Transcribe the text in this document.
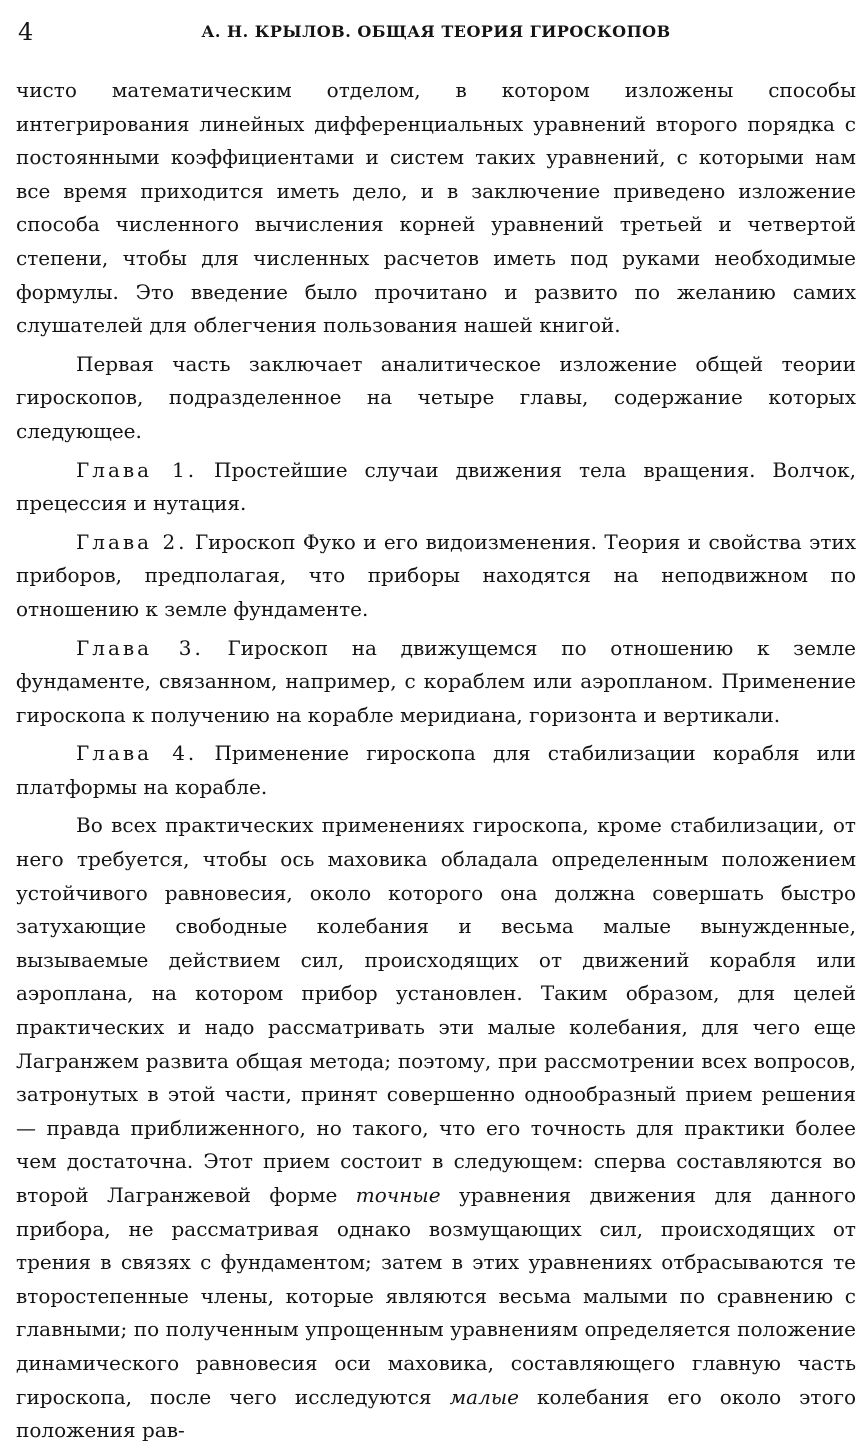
4	А. Н. КРЫЛОВ. ОБЩАЯ ТЕОРИЯ ГИРОСКОПОВ

чисто математическим отделом, в котором изложены способы интегрирования линейных дифференциальных уравнений второго порядка с постоянными коэффициентами и систем таких уравнений, с которыми нам все время приходится иметь дело, и в заключение приведено изложение способа численного вычисления корней уравнений третьей и четвертой степени, чтобы для численных расчетов иметь под руками необходимые формулы. Это введение было прочитано и развито по желанию самих слушателей для облегчения пользования нашей книгой.

Первая часть заключает аналитическое изложение общей теории гироскопов, подразделенное на четыре главы, содержание которых следующее.

Глава 1. Простейшие случаи движения тела вращения. Волчок, прецессия и нутация.

Глава 2. Гироскоп Фуко и его видоизменения. Теория и свойства этих приборов, предполагая, что приборы находятся на неподвижном по отношению к земле фундаменте.

Глава 3. Гироскоп на движущемся по отношению к земле фундаменте, связанном, например, с кораблем или аэропланом. Применение гироскопа к получению на корабле меридиана, горизонта и вертикали.

Глава 4. Применение гироскопа для стабилизации корабля или платформы на корабле.

Во всех практических применениях гироскопа, кроме стабилизации, от него требуется, чтобы ось маховика обладала определенным положением устойчивого равновесия, около которого она должна совершать быстро затухающие свободные колебания и весьма малые вынужденные, вызываемые действием сил, происходящих от движений корабля или аэроплана, на котором прибор установлен. Таким образом, для целей практических и надо рассматривать эти малые колебания, для чего еще Лагранжем развита общая метода; поэтому, при рассмотрении всех вопросов, затронутых в этой части, принят совершенно однообразный прием решения — правда приближенного, но такого, что его точность для практики более чем достаточна. Этот прием состоит в следующем: сперва составляются во второй Лагранжевой форме точные уравнения движения для данного прибора, не рассматривая однако возмущающих сил, происходящих от трения в связях с фундаментом; затем в этих уравнениях отбрасываются те второстепенные члены, которые являются весьма малыми по сравнению с главными; по полученным упрощенным уравнениям определяется положение динамического равновесия оси маховика, составляющего главную часть гироскопа, после чего исследуются малые колебания его около этого положения рав-
